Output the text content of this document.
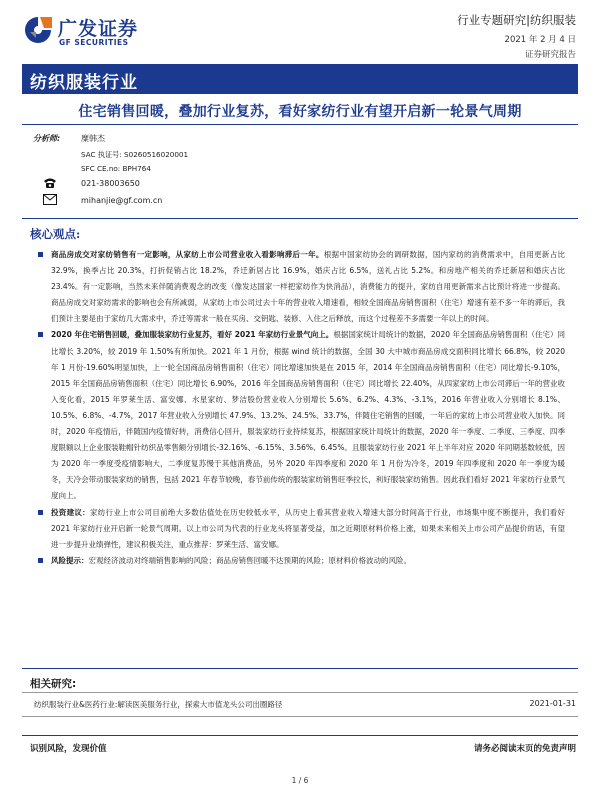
广发证券
GF SECURITIES
行业专题研究|纺织服装
2021 年 2 月 4 日
证券研究报告
纺织服装行业
住宅销售回暖，叠加行业复苏，看好家纺行业有望开启新一轮景气周期
分析师:	糜韩杰
SAC 执证号: S0260516020001
SFC CE.no: BPH764
021-38003650
mihanjie@gf.com.cn
核心观点:
商品房成交对家纺销售有一定影响，从家纺上市公司营业收入看影响滞后一年。根据中国家纺协会的调研数据，国内家纺的消费需求中，自用更新占比 32.9%，换季占比 20.3%，打折促销占比 18.2%，乔迁新居占比 16.9%，婚庆占比 6.5%，送礼占比 5.2%。和房地产相关的乔迁新居和婚庆占比 23.4%。有一定影响，当然未来伴随消费观念的改变（像发达国家一样把家纺作为快消品），消费能力的提升，家纺自用更新需求占比预计将进一步提高。商品房成交对家纺需求的影响也会有所减弱，从家纺上市公司过去十年的营业收入增速看，相较全国商品房销售面积（住宅）增速有差不多一年的滞后，我们预计主要是由于家纺几大需求中，乔迁等需求一般在买房、交钥匙、装修、入住之后释放，而这个过程差不多需要一年以上的时间。
2020 年住宅销售回暖，叠加服装家纺行业复苏，看好 2021 年家纺行业景气向上。根据国家统计局统计的数据，2020 年全国商品房销售面积（住宅）同比增长 3.20%，较 2019 年 1.50%有所加快。2021 年 1 月份，根据 wind 统计的数据，全国 30 大中城市商品房成交面积同比增长 66.8%，较 2020 年 1 月份-19.60%明显加快，上一轮全国商品房销售面积（住宅）同比增速加快是在 2015 年，2014 年全国商品房销售面积（住宅）同比增长-9.10%，2015 年全国商品房销售面积（住宅）同比增长 6.90%，2016 年全国商品房销售面积（住宅）同比增长 22.40%，从四家家纺上市公司滞后一年的营业收入变化看，2015 年罗莱生活、富安娜、水星家纺、梦洁股份营业收入分别增长 5.6%、6.2%、4.3%、-3.1%，2016 年营业收入分别增长 8.1%、10.5%、6.8%、-4.7%，2017 年营业收入分别增长 47.9%、13.2%、24.5%、33.7%，伴随住宅销售的回暖，一年后的家纺上市公司营业收入加快。同时，2020 年疫情后，伴随国内疫情好转，消费信心回升，服装家纺行业持续复苏，根据国家统计局统计的数据，2020 年一季度、二季度、三季度、四季度限额以上企业服装鞋帽针纺织品零售额分别增长-32.16%、-6.15%、3.56%、6.45%。且服装家纺行业 2021 年上半年对应 2020 年同期基数较低，因为 2020 年一季度受疫情影响大，二季度复苏慢于其他消费品，另外 2020 年四季度和 2020 年 1 月份为冷冬，2019 年四季度和 2020 年一季度为暖冬，天冷会带动服装家纺的销售，包括 2021 年春节较晚，春节前传统的服装家纺销售旺季拉长，利好服装家纺销售。因此我们看好 2021 年家纺行业景气度向上。
投资建议：家纺行业上市公司目前绝大多数估值处在历史较低水平，从历史上看其营业收入增速大部分时间高于行业，市场集中度不断提升，我们看好 2021 年家纺行业开启新一轮景气周期。以上市公司为代表的行业龙头将显著受益，加之近期原材料价格上涨，如果未来相关上市公司产品提价的话，有望进一步提升业绩弹性，建议积极关注，重点推荐：罗莱生活、富安娜。
风险提示：宏观经济波动对终端销售影响的风险；商品房销售回暖不达预期的风险；原材料价格波动的风险。
相关研究:
纺织服装行业&医药行业:解读医美服务行业，探索大市值龙头公司出圈路径	2021-01-31
识别风险，发现价值	请务必阅读末页的免责声明
1 / 6
